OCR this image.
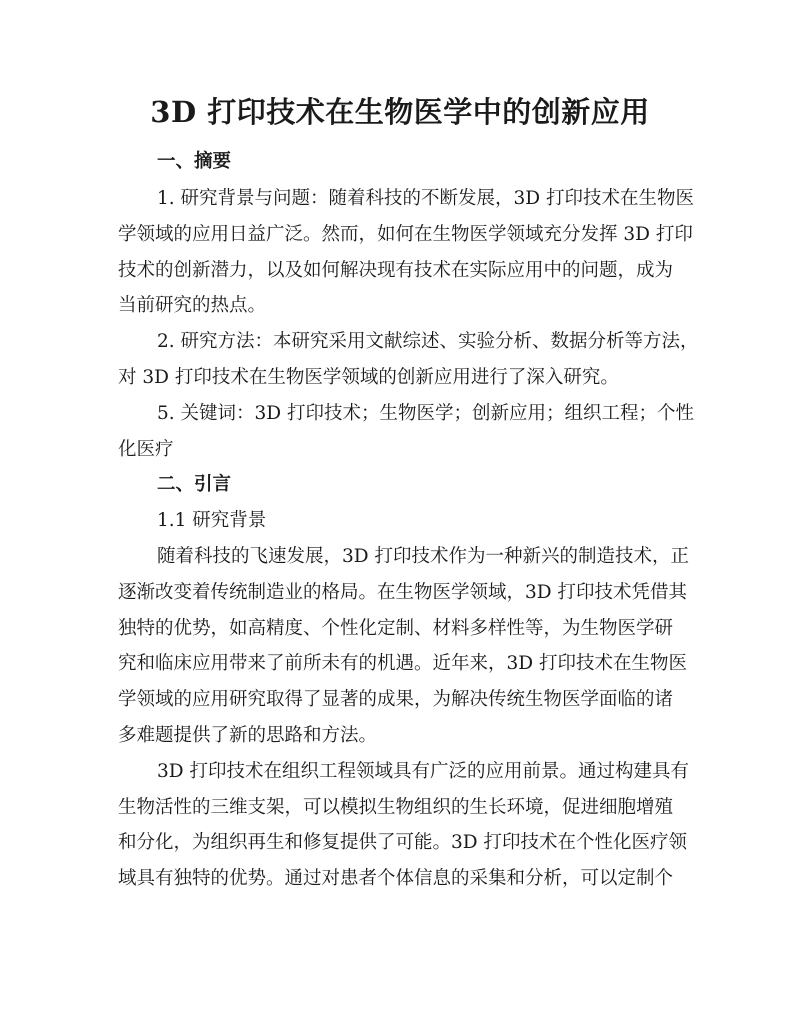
3D 打印技术在生物医学中的创新应用
一、摘要
1. 研究背景与问题：随着科技的不断发展，3D 打印技术在生物医
学领域的应用日益广泛。然而，如何在生物医学领域充分发挥 3D 打印
技术的创新潜力，以及如何解决现有技术在实际应用中的问题，成为
当前研究的热点。
2. 研究方法：本研究采用文献综述、实验分析、数据分析等方法，
对 3D 打印技术在生物医学领域的创新应用进行了深入研究。
5. 关键词：3D 打印技术；生物医学；创新应用；组织工程；个性
化医疗
二、引言
1.1 研究背景
随着科技的飞速发展，3D 打印技术作为一种新兴的制造技术，正
逐渐改变着传统制造业的格局。在生物医学领域，3D 打印技术凭借其
独特的优势，如高精度、个性化定制、材料多样性等，为生物医学研
究和临床应用带来了前所未有的机遇。近年来，3D 打印技术在生物医
学领域的应用研究取得了显著的成果，为解决传统生物医学面临的诸
多难题提供了新的思路和方法。
3D 打印技术在组织工程领域具有广泛的应用前景。通过构建具有
生物活性的三维支架，可以模拟生物组织的生长环境，促进细胞增殖
和分化，为组织再生和修复提供了可能。3D 打印技术在个性化医疗领
域具有独特的优势。通过对患者个体信息的采集和分析，可以定制个
